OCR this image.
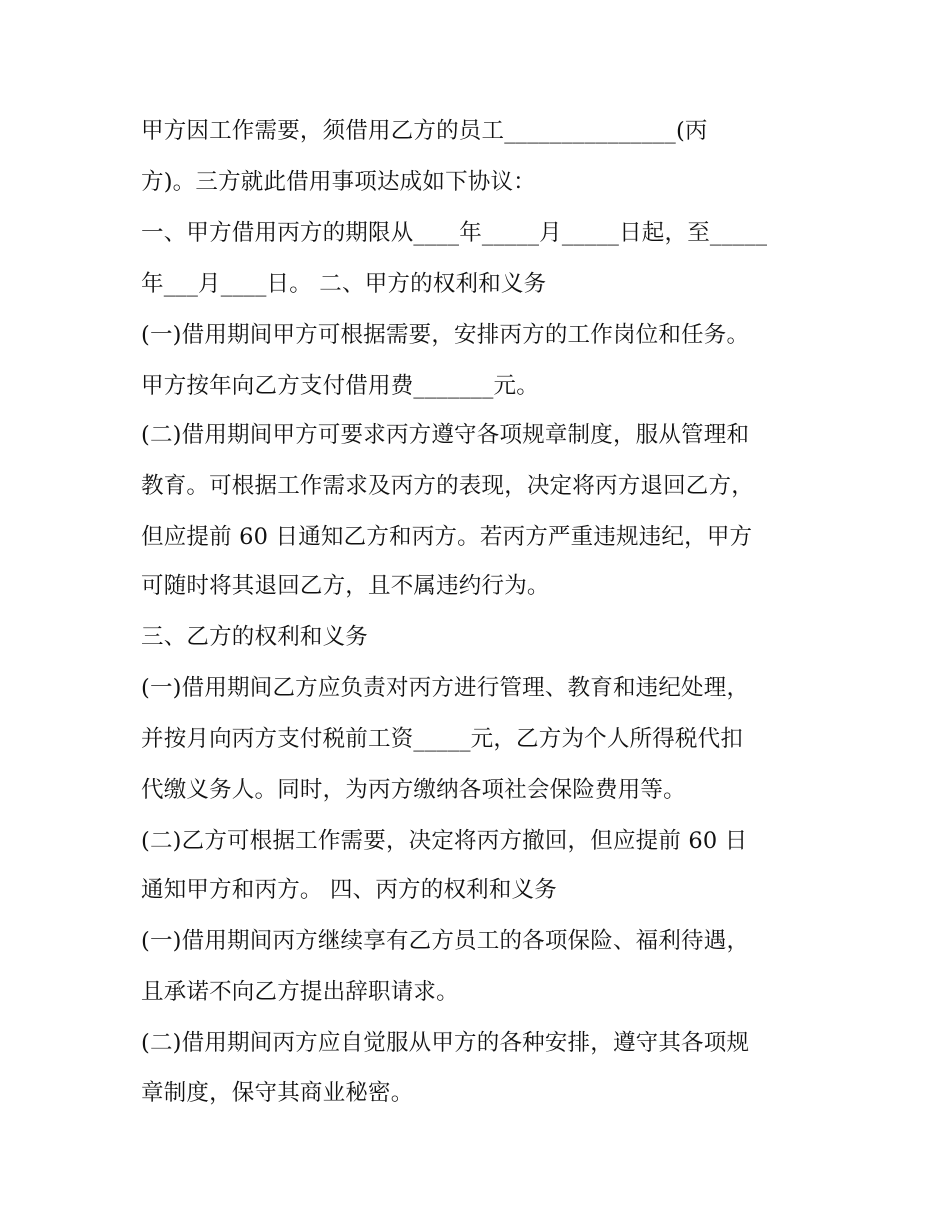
甲方因工作需要，须借用乙方的员工_______________(丙
方)。三方就此借用事项达成如下协议：
一、甲方借用丙方的期限从____年_____月_____日起，至_____
年___月____日。 二、甲方的权利和义务
(一)借用期间甲方可根据需要，安排丙方的工作岗位和任务。
甲方按年向乙方支付借用费_______元。
(二)借用期间甲方可要求丙方遵守各项规章制度，服从管理和
教育。可根据工作需求及丙方的表现，决定将丙方退回乙方，
但应提前 60 日通知乙方和丙方。若丙方严重违规违纪，甲方
可随时将其退回乙方，且不属违约行为。
三、乙方的权利和义务
(一)借用期间乙方应负责对丙方进行管理、教育和违纪处理，
并按月向丙方支付税前工资_____元，乙方为个人所得税代扣
代缴义务人。同时，为丙方缴纳各项社会保险费用等。
(二)乙方可根据工作需要，决定将丙方撤回，但应提前 60 日
通知甲方和丙方。 四、丙方的权利和义务
(一)借用期间丙方继续享有乙方员工的各项保险、福利待遇，
且承诺不向乙方提出辞职请求。
(二)借用期间丙方应自觉服从甲方的各种安排，遵守其各项规
章制度，保守其商业秘密。
